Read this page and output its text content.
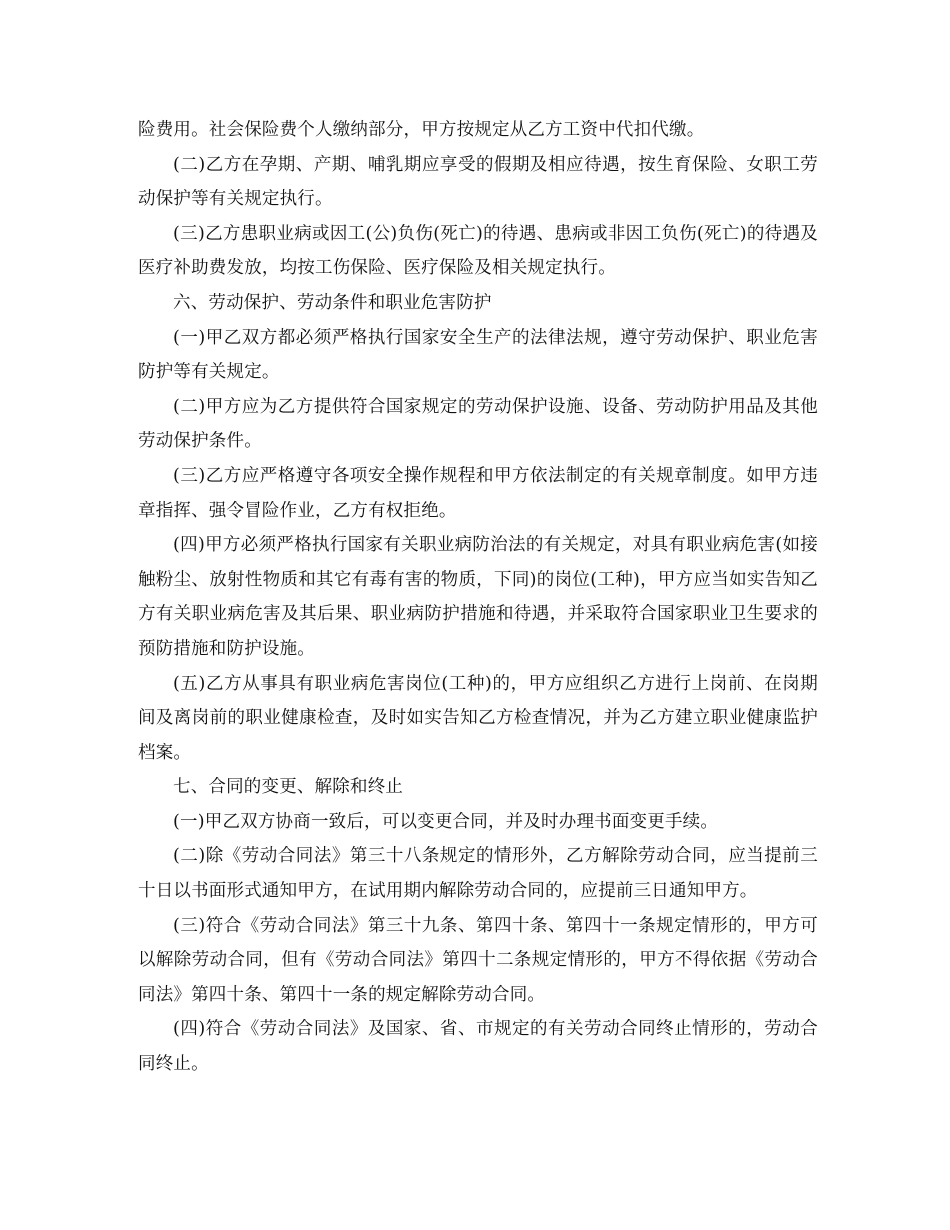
险费用。社会保险费个人缴纳部分，甲方按规定从乙方工资中代扣代缴。

(二)乙方在孕期、产期、哺乳期应享受的假期及相应待遇，按生育保险、女职工劳动保护等有关规定执行。

(三)乙方患职业病或因工(公)负伤(死亡)的待遇、患病或非因工负伤(死亡)的待遇及医疗补助费发放，均按工伤保险、医疗保险及相关规定执行。

六、劳动保护、劳动条件和职业危害防护

(一)甲乙双方都必须严格执行国家安全生产的法律法规，遵守劳动保护、职业危害防护等有关规定。

(二)甲方应为乙方提供符合国家规定的劳动保护设施、设备、劳动防护用品及其他劳动保护条件。

(三)乙方应严格遵守各项安全操作规程和甲方依法制定的有关规章制度。如甲方违章指挥、强令冒险作业，乙方有权拒绝。

(四)甲方必须严格执行国家有关职业病防治法的有关规定，对具有职业病危害(如接触粉尘、放射性物质和其它有毒有害的物质，下同)的岗位(工种)，甲方应当如实告知乙方有关职业病危害及其后果、职业病防护措施和待遇，并采取符合国家职业卫生要求的预防措施和防护设施。

(五)乙方从事具有职业病危害岗位(工种)的，甲方应组织乙方进行上岗前、在岗期间及离岗前的职业健康检查，及时如实告知乙方检查情况，并为乙方建立职业健康监护档案。

七、合同的变更、解除和终止

(一)甲乙双方协商一致后，可以变更合同，并及时办理书面变更手续。

(二)除《劳动合同法》第三十八条规定的情形外，乙方解除劳动合同，应当提前三十日以书面形式通知甲方，在试用期内解除劳动合同的，应提前三日通知甲方。

(三)符合《劳动合同法》第三十九条、第四十条、第四十一条规定情形的，甲方可以解除劳动合同，但有《劳动合同法》第四十二条规定情形的，甲方不得依据《劳动合同法》第四十条、第四十一条的规定解除劳动合同。

(四)符合《劳动合同法》及国家、省、市规定的有关劳动合同终止情形的，劳动合同终止。
